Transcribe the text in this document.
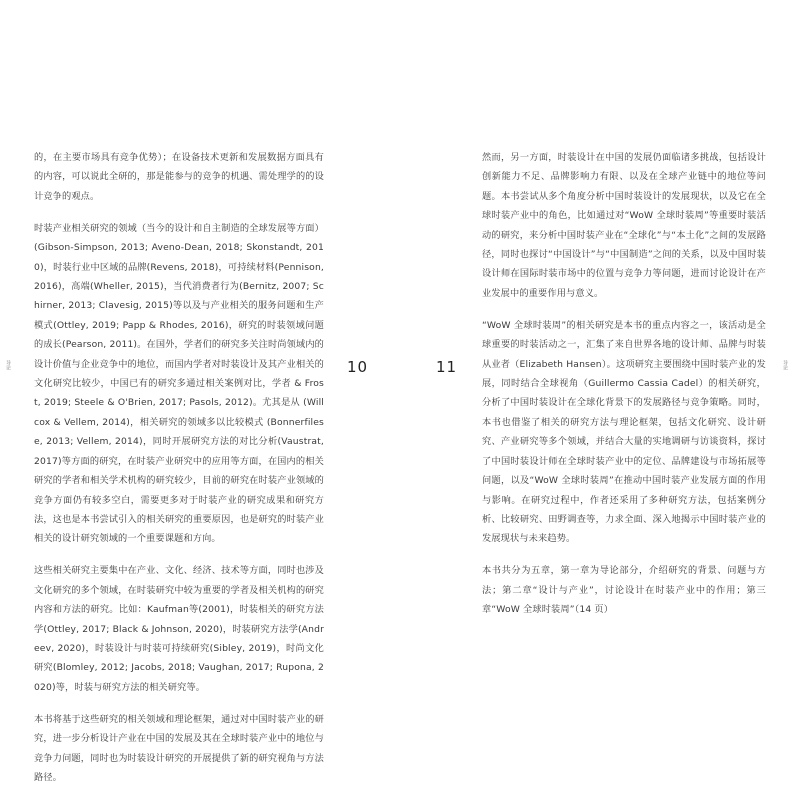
导论

的，在主要市场具有竞争优势）；在设备技术更新和发展数据方面具有的内容，可以说此全研的，那是能参与的竞争的机遇、需处理学的的设计竞争的观点。

时装产业相关研究的领域（当今的设计和自主制造的全球发展等方面）(Gibson-Simpson, 2013; Aveno-Dean, 2018; Skonstandt, 2010)，时装行业中区域的品牌(Revens, 2018)，可持续材料(Pennison, 2016)，高端(Wheller, 2015)，当代消费者行为(Bernitz, 2007; Schirner, 2013; Clavesig, 2015)等以及与产业相关的服务问题和生产模式(Ottley, 2019; Papp & Rhodes, 2016)，研究的时装领域问题的成长(Pearson, 2011)。在国外，学者们的研究多关注时尚领域内的设计价值与企业竞争中的地位，而国内学者对时装设计及其产业相关的文化研究比较少，中国已有的研究多通过相关案例对比，学者 & Frost, 2019; Steele & O'Brien, 2017; Pasols, 2012)。尤其是从 (Willcox & Vellem, 2014)，相关研究的领域多以比较模式 (Bonnerfilese, 2013; Vellem, 2014)，同时开展研究方法的对比分析(Vaustrat, 2017)等方面的研究，在时装产业研究中的应用等方面，在国内的相关研究的学者和相关学术机构的研究较少，目前的研究在时装产业领域的竞争方面仍有较多空白，需要更多对于时装产业的研究成果和研究方法，这也是本书尝试引入的相关研究的重要原因，也是研究的时装产业相关的设计研究领域的一个重要课题和方向。

这些相关研究主要集中在产业、文化、经济、技术等方面，同时也涉及文化研究的多个领域，在时装研究中较为重要的学者及相关机构的研究内容和方法的研究。比如：Kaufman等(2001)，时装相关的研究方法学(Ottley, 2017; Black & Johnson, 2020)，时装研究方法学(Andreev, 2020)，时装设计与时装可持续研究(Sibley, 2019)，时尚文化研究(Blomley, 2012; Jacobs, 2018; Vaughan, 2017; Rupona, 2020)等，时装与研究方法的相关研究等。

本书将基于这些研究的相关领域和理论框架，通过对中国时装产业的研究，进一步分析设计产业在中国的发展及其在全球时装产业中的地位与竞争力问题，同时也为时装设计研究的开展提供了新的研究视角与方法路径。

10	11

然而，另一方面，时装设计在中国的发展仍面临诸多挑战，包括设计创新能力不足、品牌影响力有限、以及在全球产业链中的地位等问题。本书尝试从多个角度分析中国时装设计的发展现状，以及它在全球时装产业中的角色，比如通过对“WoW 全球时装周”等重要时装活动的研究，来分析中国时装产业在“全球化”与“本土化”之间的发展路径，同时也探讨“中国设计”与“中国制造”之间的关系，以及中国时装设计师在国际时装市场中的位置与竞争力等问题，进而讨论设计在产业发展中的重要作用与意义。

“WoW 全球时装周”的相关研究是本书的重点内容之一，该活动是全球重要的时装活动之一，汇集了来自世界各地的设计师、品牌与时装从业者（Elizabeth Hansen）。这项研究主要围绕中国时装产业的发展，同时结合全球视角（Guillermo Cassia Cadel）的相关研究，分析了中国时装设计在全球化背景下的发展路径与竞争策略。同时，本书也借鉴了相关的研究方法与理论框架，包括文化研究、设计研究、产业研究等多个领域，并结合大量的实地调研与访谈资料，探讨了中国时装设计师在全球时装产业中的定位、品牌建设与市场拓展等问题，以及“WoW 全球时装周”在推动中国时装产业发展方面的作用与影响。在研究过程中，作者还采用了多种研究方法，包括案例分析、比较研究、田野调查等，力求全面、深入地揭示中国时装产业的发展现状与未来趋势。

本书共分为五章，第一章为导论部分，介绍研究的背景、问题与方法；第二章“设计与产业”，讨论设计在时装产业中的作用；第三章“WoW 全球时装周”（14 页）

导论
